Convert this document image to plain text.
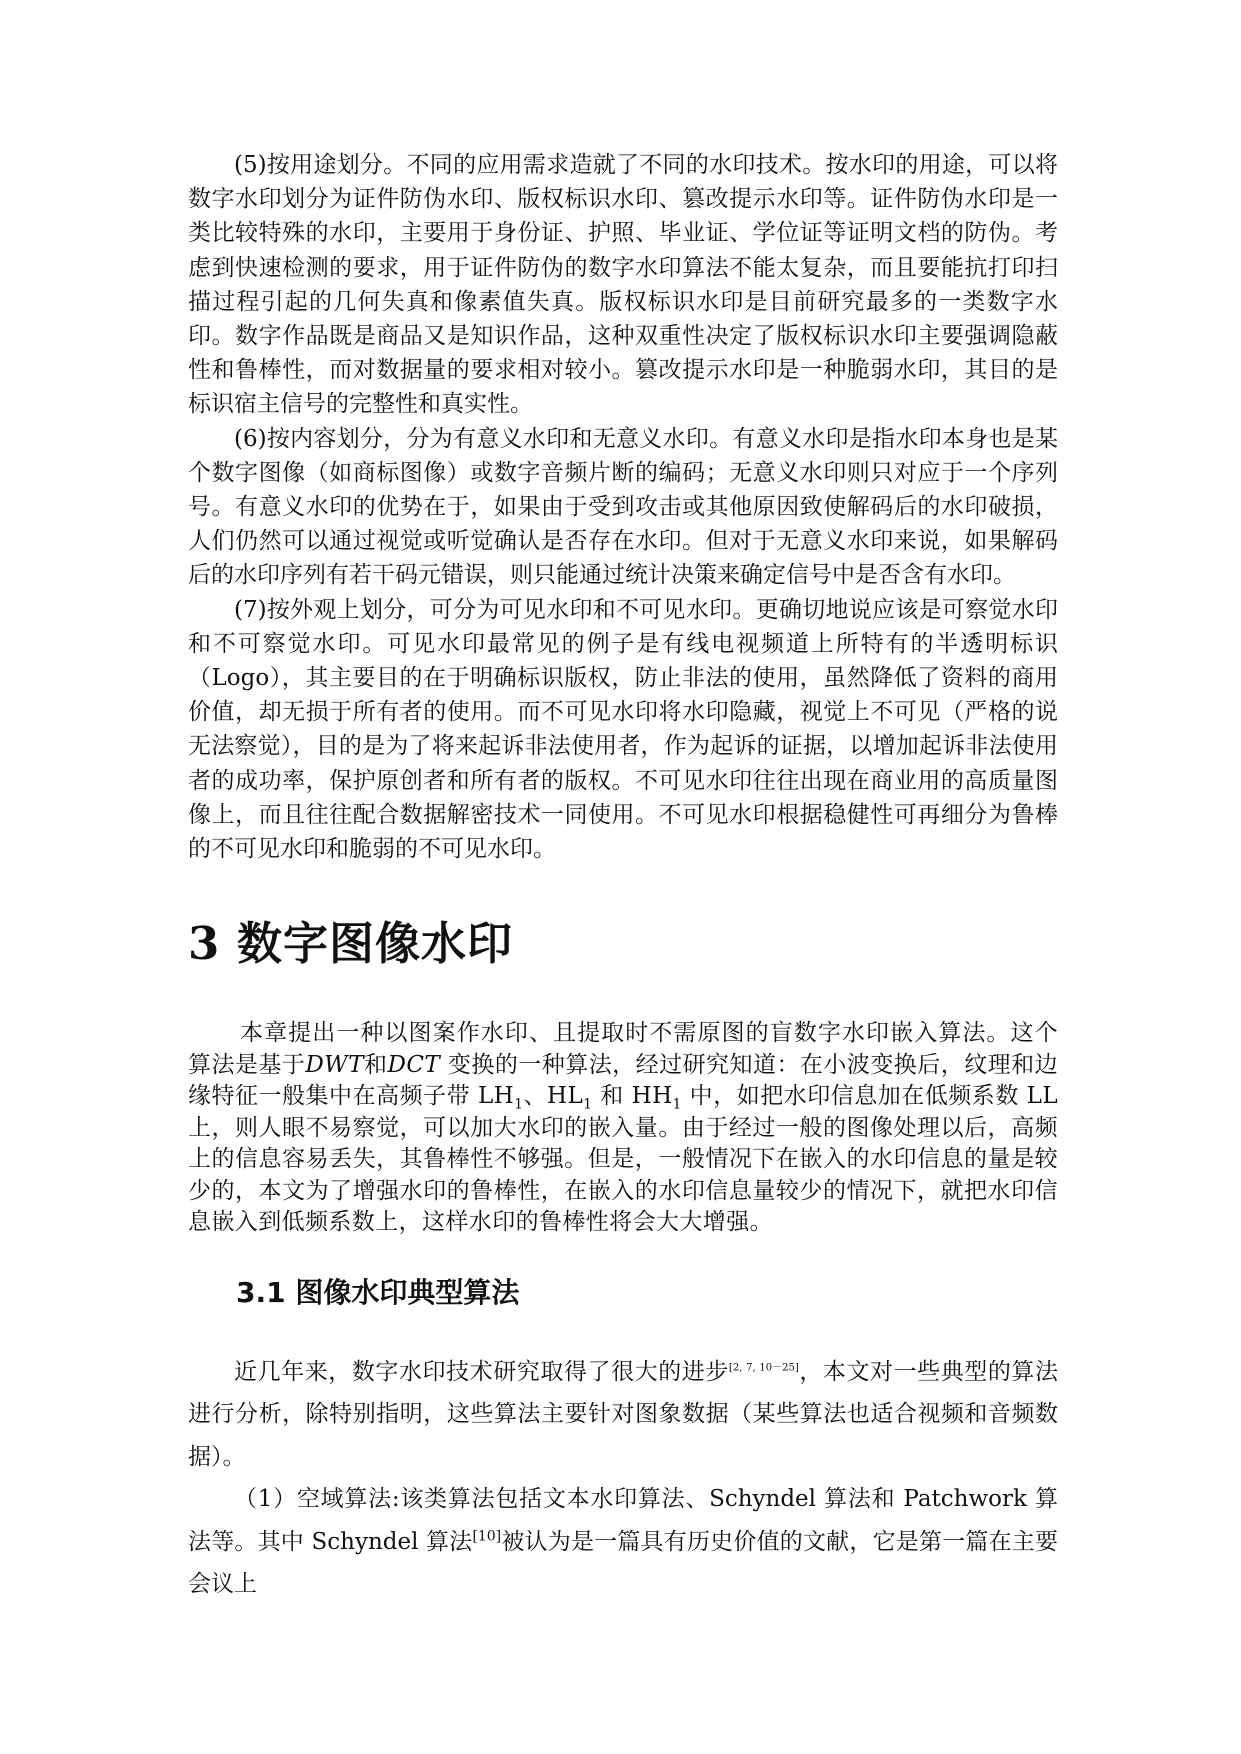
(5)按用途划分。不同的应用需求造就了不同的水印技术。按水印的用途，可以将数字水印划分为证件防伪水印、版权标识水印、篡改提示水印等。证件防伪水印是一类比较特殊的水印，主要用于身份证、护照、毕业证、学位证等证明文档的防伪。考虑到快速检测的要求，用于证件防伪的数字水印算法不能太复杂，而且要能抗打印扫描过程引起的几何失真和像素值失真。版权标识水印是目前研究最多的一类数字水印。数字作品既是商品又是知识作品，这种双重性决定了版权标识水印主要强调隐蔽性和鲁棒性，而对数据量的要求相对较小。篡改提示水印是一种脆弱水印，其目的是标识宿主信号的完整性和真实性。

(6)按内容划分，分为有意义水印和无意义水印。有意义水印是指水印本身也是某个数字图像（如商标图像）或数字音频片断的编码；无意义水印则只对应于一个序列号。有意义水印的优势在于，如果由于受到攻击或其他原因致使解码后的水印破损，人们仍然可以通过视觉或听觉确认是否存在水印。但对于无意义水印来说，如果解码后的水印序列有若干码元错误，则只能通过统计决策来确定信号中是否含有水印。

(7)按外观上划分，可分为可见水印和不可见水印。更确切地说应该是可察觉水印和不可察觉水印。可见水印最常见的例子是有线电视频道上所特有的半透明标识（Logo），其主要目的在于明确标识版权，防止非法的使用，虽然降低了资料的商用价值，却无损于所有者的使用。而不可见水印将水印隐藏，视觉上不可见（严格的说无法察觉），目的是为了将来起诉非法使用者，作为起诉的证据，以增加起诉非法使用者的成功率，保护原创者和所有者的版权。不可见水印往往出现在商业用的高质量图像上，而且往往配合数据解密技术一同使用。不可见水印根据稳健性可再细分为鲁棒的不可见水印和脆弱的不可见水印。

3 数字图像水印

本章提出一种以图案作水印、且提取时不需原图的盲数字水印嵌入算法。这个算法是基于DWT和DCT 变换的一种算法，经过研究知道：在小波变换后，纹理和边缘特征一般集中在高频子带 $LH_1$、$HL_1$ 和 $HH_1$ 中，如把水印信息加在低频系数 LL 上，则人眼不易察觉，可以加大水印的嵌入量。由于经过一般的图像处理以后，高频上的信息容易丢失，其鲁棒性不够强。但是，一般情况下在嵌入的水印信息的量是较少的，本文为了增强水印的鲁棒性，在嵌入的水印信息量较少的情况下，就把水印信息嵌入到低频系数上，这样水印的鲁棒性将会大大增强。

3.1 图像水印典型算法

近几年来，数字水印技术研究取得了很大的进步[2, 7, 10－25]，本文对一些典型的算法进行分析，除特别指明，这些算法主要针对图象数据（某些算法也适合视频和音频数据）。

（1）空域算法:该类算法包括文本水印算法、Schyndel 算法和 Patchwork 算法等。其中 Schyndel 算法[10]被认为是一篇具有历史价值的文献，它是第一篇在主要会议上
